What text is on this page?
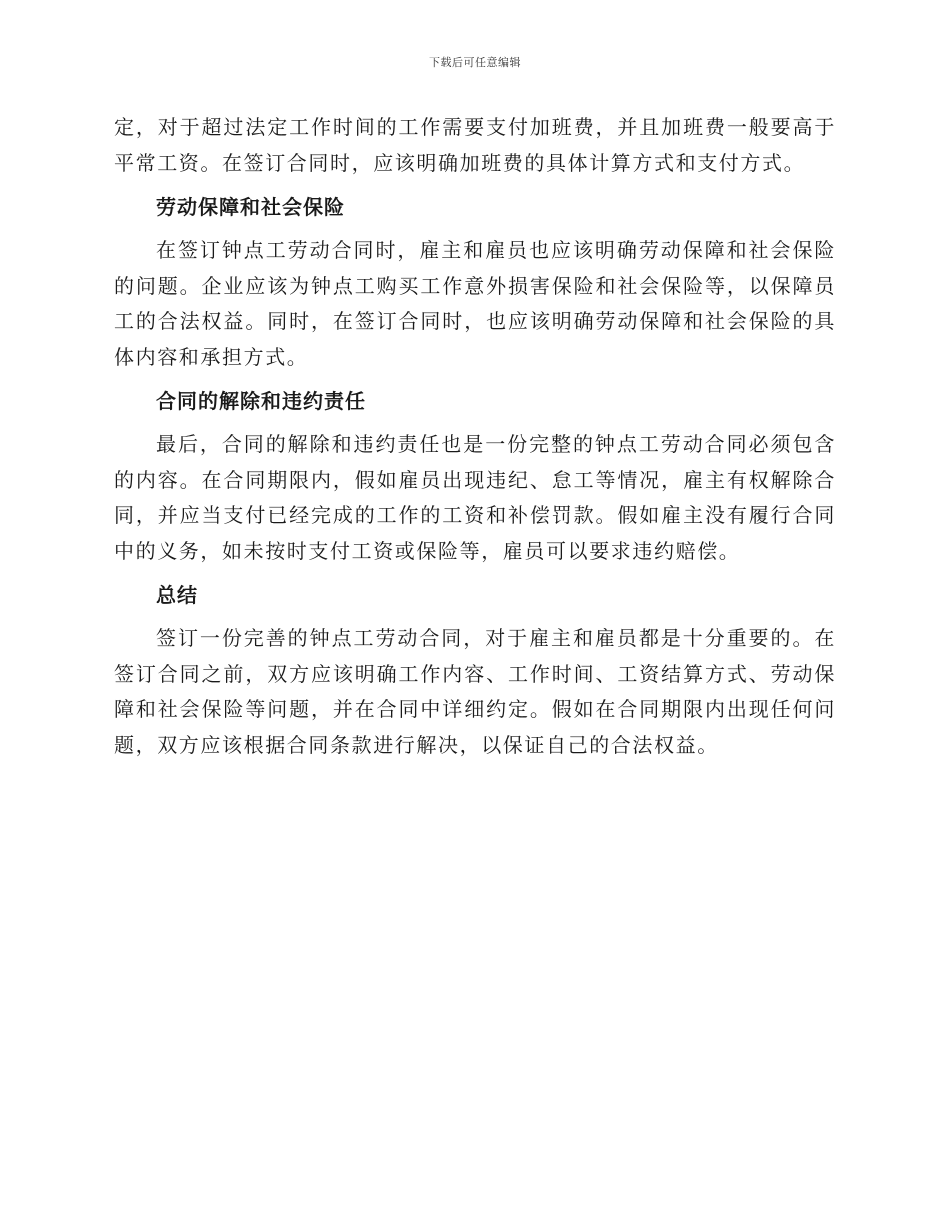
下载后可任意编辑

定，对于超过法定工作时间的工作需要支付加班费，并且加班费一般要高于平常工资。在签订合同时，应该明确加班费的具体计算方式和支付方式。

劳动保障和社会保险

在签订钟点工劳动合同时，雇主和雇员也应该明确劳动保障和社会保险的问题。企业应该为钟点工购买工作意外损害保险和社会保险等，以保障员工的合法权益。同时，在签订合同时，也应该明确劳动保障和社会保险的具体内容和承担方式。

合同的解除和违约责任

最后，合同的解除和违约责任也是一份完整的钟点工劳动合同必须包含的内容。在合同期限内，假如雇员出现违纪、怠工等情况，雇主有权解除合同，并应当支付已经完成的工作的工资和补偿罚款。假如雇主没有履行合同中的义务，如未按时支付工资或保险等，雇员可以要求违约赔偿。

总结

签订一份完善的钟点工劳动合同，对于雇主和雇员都是十分重要的。在签订合同之前，双方应该明确工作内容、工作时间、工资结算方式、劳动保障和社会保险等问题，并在合同中详细约定。假如在合同期限内出现任何问题，双方应该根据合同条款进行解决，以保证自己的合法权益。
